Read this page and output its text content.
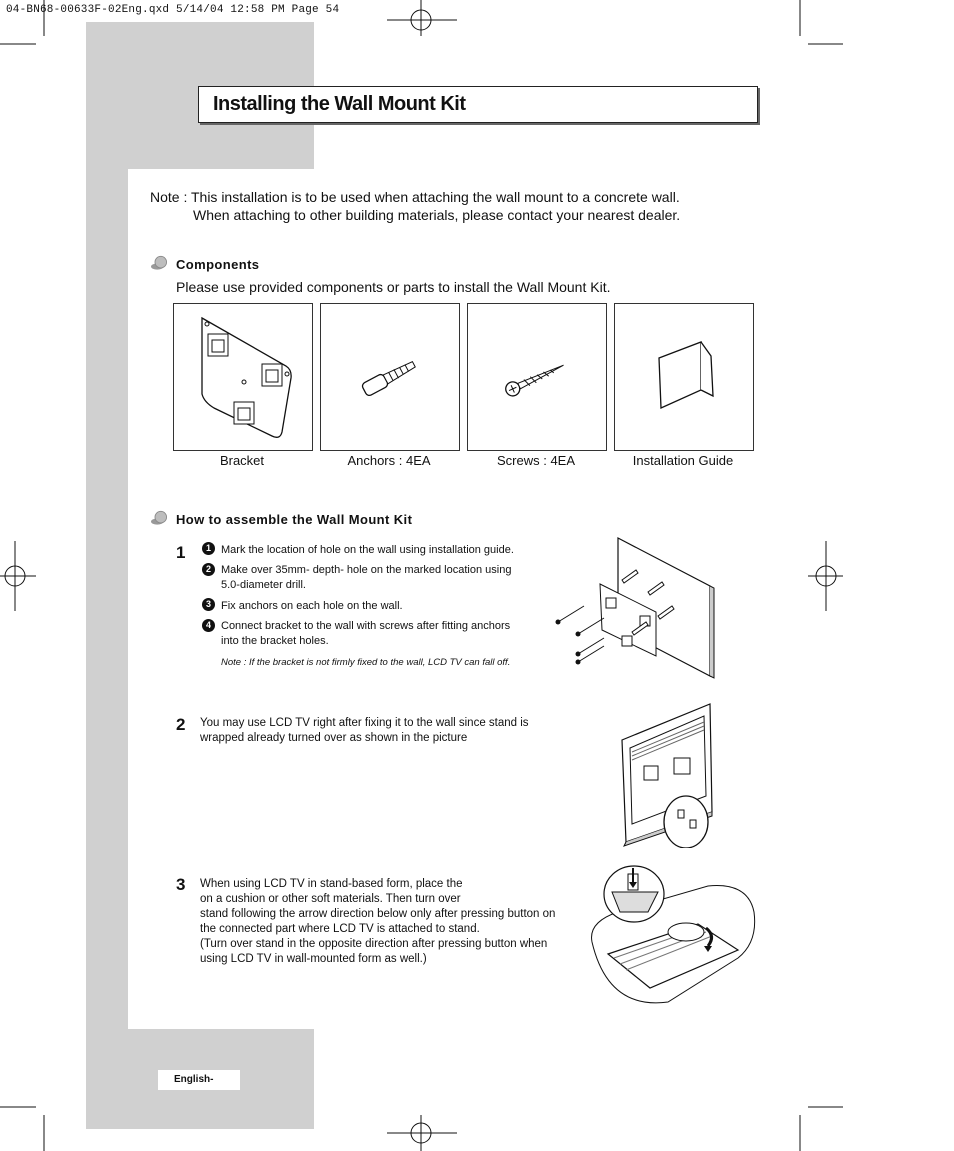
04-BN68-00633F-02Eng.qxd 5/14/04 12:58 PM Page 54
Installing the Wall Mount Kit
Note : This installation is to be used when attaching the wall mount to a concrete wall.
When attaching to other building materials, please contact your nearest dealer.
Components
Please use provided components or parts to install the Wall Mount Kit.
Bracket	Anchors : 4EA	Screws : 4EA	Installation Guide
How to assemble the Wall Mount Kit
1	1 Mark the location of hole on the wall using installation guide.
2 Make over 35mm- depth- hole on the marked location using
5.0-diameter drill.
3 Fix anchors on each hole on the wall.
4 Connect bracket to the wall with screws after fitting anchors
into the bracket holes.
Note : If the bracket is not firmly fixed to the wall, LCD TV can fall off.
2 You may use LCD TV right after fixing it to the wall since stand is
wrapped already turned over as shown in the picture
3 When using LCD TV in stand-based form, place the
on a cushion or other soft materials. Then turn over
stand following the arrow direction below only after pressing button on
the connected part where LCD TV is attached to stand.
(Turn over stand in the opposite direction after pressing button when
using LCD TV in wall-mounted form as well.)
English-
